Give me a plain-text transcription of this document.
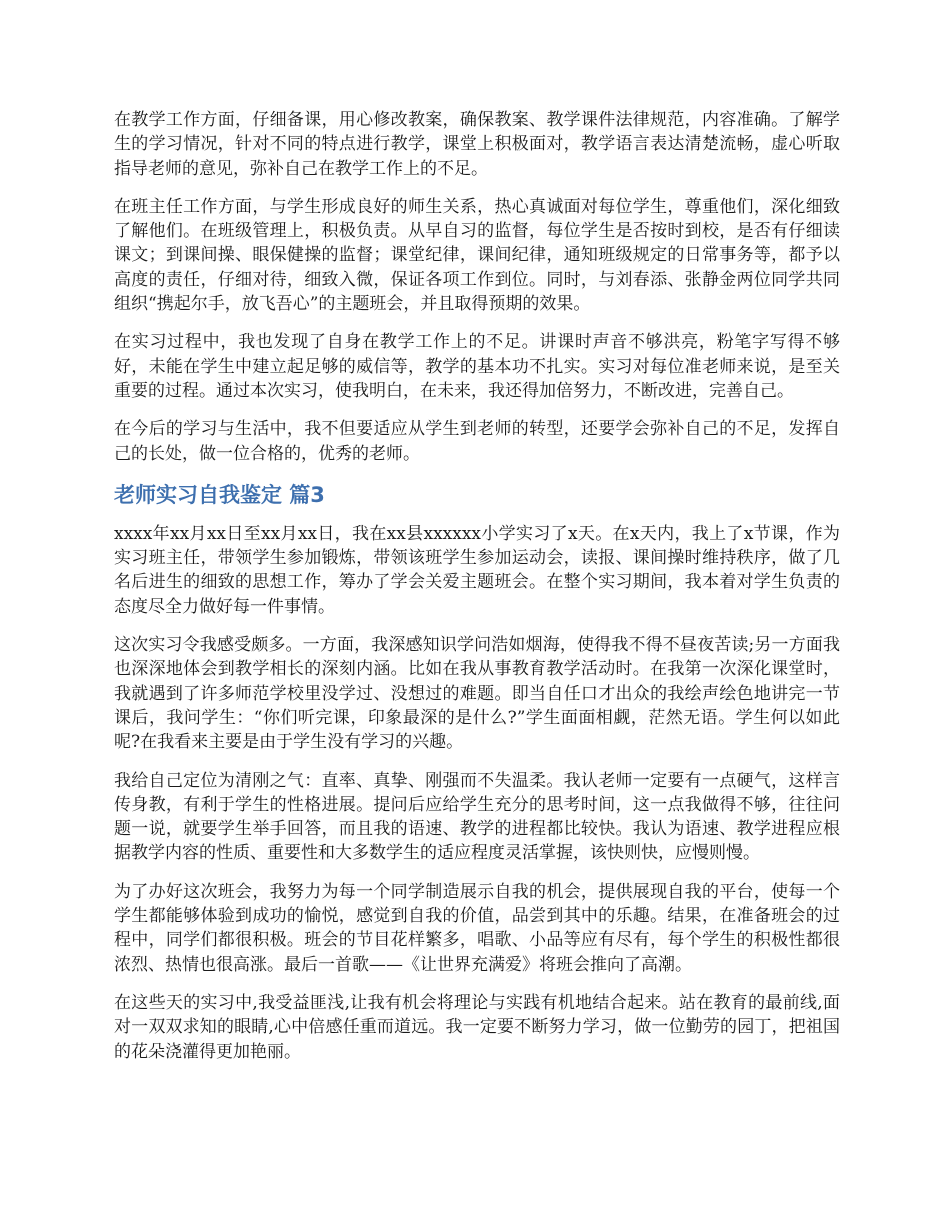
在教学工作方面，仔细备课，用心修改教案，确保教案、教学课件法律规范，内容准确。了解学生的学习情况，针对不同的特点进行教学，课堂上积极面对，教学语言表达清楚流畅，虚心听取指导老师的意见，弥补自己在教学工作上的不足。

在班主任工作方面，与学生形成良好的师生关系，热心真诚面对每位学生，尊重他们，深化细致了解他们。在班级管理上，积极负责。从早自习的监督，每位学生是否按时到校，是否有仔细读课文；到课间操、眼保健操的监督；课堂纪律，课间纪律，通知班级规定的日常事务等，都予以高度的责任，仔细对待，细致入微，保证各项工作到位。同时，与刘春添、张静金两位同学共同组织“携起尔手，放飞吾心”的主题班会，并且取得预期的效果。

在实习过程中，我也发现了自身在教学工作上的不足。讲课时声音不够洪亮，粉笔字写得不够好，未能在学生中建立起足够的威信等，教学的基本功不扎实。实习对每位准老师来说，是至关重要的过程。通过本次实习，使我明白，在未来，我还得加倍努力，不断改进，完善自己。

在今后的学习与生活中，我不但要适应从学生到老师的转型，还要学会弥补自己的不足，发挥自己的长处，做一位合格的，优秀的老师。

老师实习自我鉴定 篇3

xxxx年xx月xx日至xx月xx日，我在xx县xxxxxx小学实习了x天。在x天内，我上了x节课，作为实习班主任，带领学生参加锻炼，带领该班学生参加运动会，读报、课间操时维持秩序，做了几名后进生的细致的思想工作，筹办了学会关爱主题班会。在整个实习期间，我本着对学生负责的态度尽全力做好每一件事情。

这次实习令我感受颇多。一方面，我深感知识学问浩如烟海，使得我不得不昼夜苦读;另一方面我也深深地体会到教学相长的深刻内涵。比如在我从事教育教学活动时。在我第一次深化课堂时，我就遇到了许多师范学校里没学过、没想过的难题。即当自任口才出众的我绘声绘色地讲完一节课后，我问学生：“你们听完课，印象最深的是什么?”学生面面相觑，茫然无语。学生何以如此呢?在我看来主要是由于学生没有学习的兴趣。

我给自己定位为清刚之气：直率、真挚、刚强而不失温柔。我认老师一定要有一点硬气，这样言传身教，有利于学生的性格进展。提问后应给学生充分的思考时间，这一点我做得不够，往往问题一说，就要学生举手回答，而且我的语速、教学的进程都比较快。我认为语速、教学进程应根据教学内容的性质、重要性和大多数学生的适应程度灵活掌握，该快则快，应慢则慢。

为了办好这次班会，我努力为每一个同学制造展示自我的机会，提供展现自我的平台，使每一个学生都能够体验到成功的愉悦，感觉到自我的价值，品尝到其中的乐趣。结果，在准备班会的过程中，同学们都很积极。班会的节目花样繁多，唱歌、小品等应有尽有，每个学生的积极性都很浓烈、热情也很高涨。最后一首歌——《让世界充满爱》将班会推向了高潮。

在这些天的实习中,我受益匪浅,让我有机会将理论与实践有机地结合起来。站在教育的最前线,面对一双双求知的眼睛,心中倍感任重而道远。我一定要不断努力学习，做一位勤劳的园丁，把祖国的花朵浇灌得更加艳丽。
